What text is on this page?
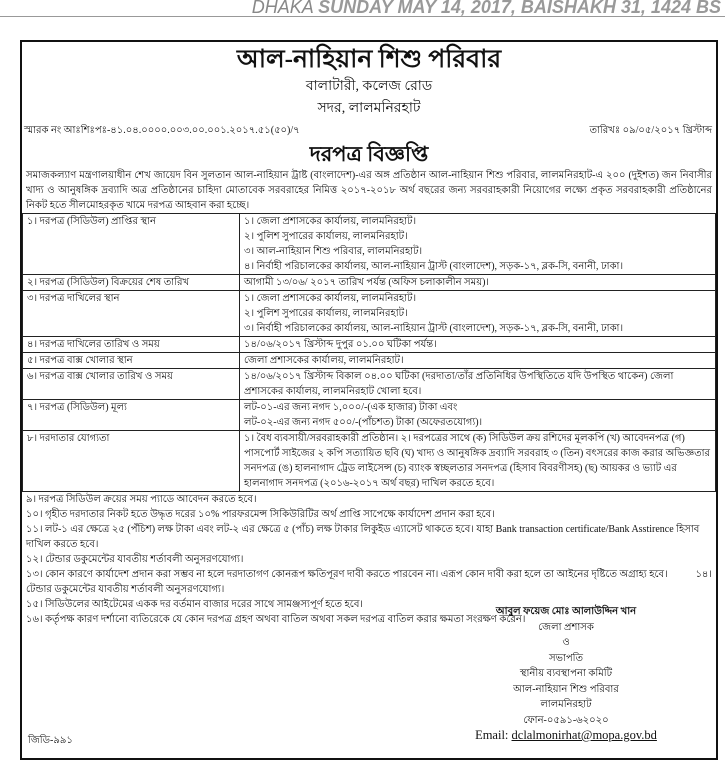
DHAKA SUNDAY MAY 14, 2017, BAISHAKH 31, 1424 BS
আল-নাহিয়ান শিশু পরিবার
বালাটারী, কলেজ রোড
সদর, লালমনিরহাট
স্মারক নং আঃশিঃপঃ-৪১.০৪.০০০০.০০৩.০০.০০১.২০১৭.৫১(৫০)/৭	তারিখঃ ০৯/০৫/২০১৭ খ্রিস্টাব্দ
দরপত্র বিজ্ঞপ্তি
সমাজকল্যাণ মন্ত্রণালয়াধীন শেখ জায়েদ বিন সুলতান আল-নাহিয়ান ট্রাষ্ট (বাংলাদেশ)-এর অঙ্গ প্রতিষ্ঠান আল-নাহিয়ান শিশু পরিবার, লালমনিরহাট-এ ২০০ (দুইশত) জন নিবাসীর খাদ্য ও আনুষঙ্গিক দ্রব্যাদি অত্র প্রতিষ্ঠানের চাহিদা মোতাবেক সরবরাহের নিমিত্ত ২০১৭-২০১৮ অর্থ বছরের জন্য সরবরাহকারী নিয়োগের লক্ষ্যে প্রকৃত সরবরাহকারী প্রতিষ্ঠানের নিকট হতে সীলমোহরকৃত খামে দরপত্র আহবান করা হচ্ছে।
১। দরপত্র (সিডিউল) প্রাপ্তির স্থান	১। জেলা প্রশাসকের কার্যালয়, লালমনিরহাট।
২। পুলিশ সুপারের কার্যালয়, লালমনিরহাট।
৩। আল-নাহিয়ান শিশু পরিবার, লালমনিরহাট।
৪। নির্বাহী পরিচালকের কার্যালয়, আল-নাহিয়ান ট্রাস্ট (বাংলাদেশ), সড়ক-১৭, ব্লক-সি, বনানী, ঢাকা।

২। দরপত্র (সিডিউল) বিক্রয়ের শেষ তারিখ	আগামী ১৩/০৬/ ২০১৭ তারিখ পর্যন্ত (অফিস চলাকালীন সময়)।

৩। দরপত্র দাখিলের স্থান	১। জেলা প্রশাসকের কার্যালয়, লালমনিরহাট।
২। পুলিশ সুপারের কার্যালয়, লালমনিরহাট।
৩। নির্বাহী পরিচালকের কার্যালয়, আল-নাহিয়ান ট্রাস্ট (বাংলাদেশ), সড়ক-১৭, ব্লক-সি, বনানী, ঢাকা।

৪। দরপত্র দাখিলের তারিখ ও সময়	১৪/০৬/২০১৭ খ্রিস্টাব্দ দুপুর ০১.০০ ঘটিকা পর্যন্ত।

৫। দরপত্র বাক্স খোলার স্থান	জেলা প্রশাসকের কার্যালয়, লালমনিরহাট।

৬। দরপত্র বাক্স খোলার তারিখ ও সময়	১৪/০৬/২০১৭ খ্রিস্টাব্দ বিকাল ০৪.০০ ঘটিকা (দরদাতা/তাঁর প্রতিনিধির উপস্থিতিতে যদি উপস্থিত থাকেন) জেলা প্রশাসকের কার্যালয়, লালমনিরহাট খোলা হবে।

৭। দরপত্র (সিডিউল) মূল্য	লট-০১-এর জন্য নগদ ১,০০০/-(এক হাজার) টাকা এবং
লট-০২-এর জন্য নগদ ৫০০/-(পাঁচশত) টাকা (অফেরতযোগ্য)।

৮। দরদাতার যোগ্যতা	১। বৈধ ব্যবসায়ী/সরবরাহকারী প্রতিষ্ঠান। ২। দরপত্রের সাথে (ক) সিডিউল ক্রয় রশিদের মূলকপি (খ) আবেদনপত্র (গ) পাসপোর্ট সাইজের ২ কপি সত্যায়িত ছবি (ঘ) খাদ্য ও আনুষঙ্গিক দ্রব্যাদি সরবরাহ ৩ (তিন) বৎসরের কাজ করার অভিজ্ঞতার সনদপত্র (ঙ) হালনাগাদ ট্রেড লাইসেন্স (চ) ব্যাংক স্বচ্ছলতার সনদপত্র (হিসাব বিবরণীসহ) (ছ) আয়কর ও ভ্যাট এর হালনাগাদ সনদপত্র (২০১৬-২০১৭ অর্থ বছর) দাখিল করতে হবে।
৯। দরপত্র সিডিউল ক্রয়ের সময় প্যাডে আবেদন করতে হবে।
১০। গৃহীত দরদাতার নিকট হতে উদ্ধৃত দরের ১০% পারফরমেন্স সিকিউরিটির অর্থ প্রাপ্তি সাপেক্ষে কার্যাদেশ প্রদান করা হবে।
১১। লট-১ এর ক্ষেত্রে ২৫ (পঁচিশ) লক্ষ টাকা এবং লট-২ এর ক্ষেত্রে ৫ (পাঁচ) লক্ষ টাকার লিকুইড এ্যাসেট থাকতে হবে। যাহা Bank transaction certificate/Bank Asstirence হিসাব দাখিল করতে হবে।
১২। টেন্ডার ডকুমেন্টের যাবতীয় শর্তাবলী অনুসরণযোগ্য।
১৩। কোন কারণে কার্যাদেশ প্রদান করা সম্ভব না হলে দরদাতাগণ কোনরূপ ক্ষতিপূরণ দাবী করতে পারবেন না। এরূপ কোন দাবী করা হলে তা আইনের দৃষ্টিতে অগ্রাহ্য হবে।	১৪।
টেন্ডার ডকুমেন্টের যাবতীয় শর্তাবলী অনুসরণযোগ্য।
১৫। সিডিউলের আইটেমের একক দর বর্তমান বাজার দরের সাথে সামঞ্জস্যপূর্ণ হতে হবে।
১৬। কর্তৃপক্ষ কারণ দর্শানো ব্যতিরেকে যে কোন দরপত্র গ্রহণ অথবা বাতিল অথবা সকল দরপত্র বাতিল করার ক্ষমতা সংরক্ষণ করেন।
আবুল ফয়েজ মোঃ আলাউদ্দিন খান
জেলা প্রশাসক
ও
সভাপতি
স্থানীয় ব্যবস্থাপনা কমিটি
আল-নাহিয়ান শিশু পরিবার
লালমনিরহাট
ফোন-০৫৯১-৬২০২০
Email: dclalmonirhat@mopa.gov.bd
জিডি-৯৯১
